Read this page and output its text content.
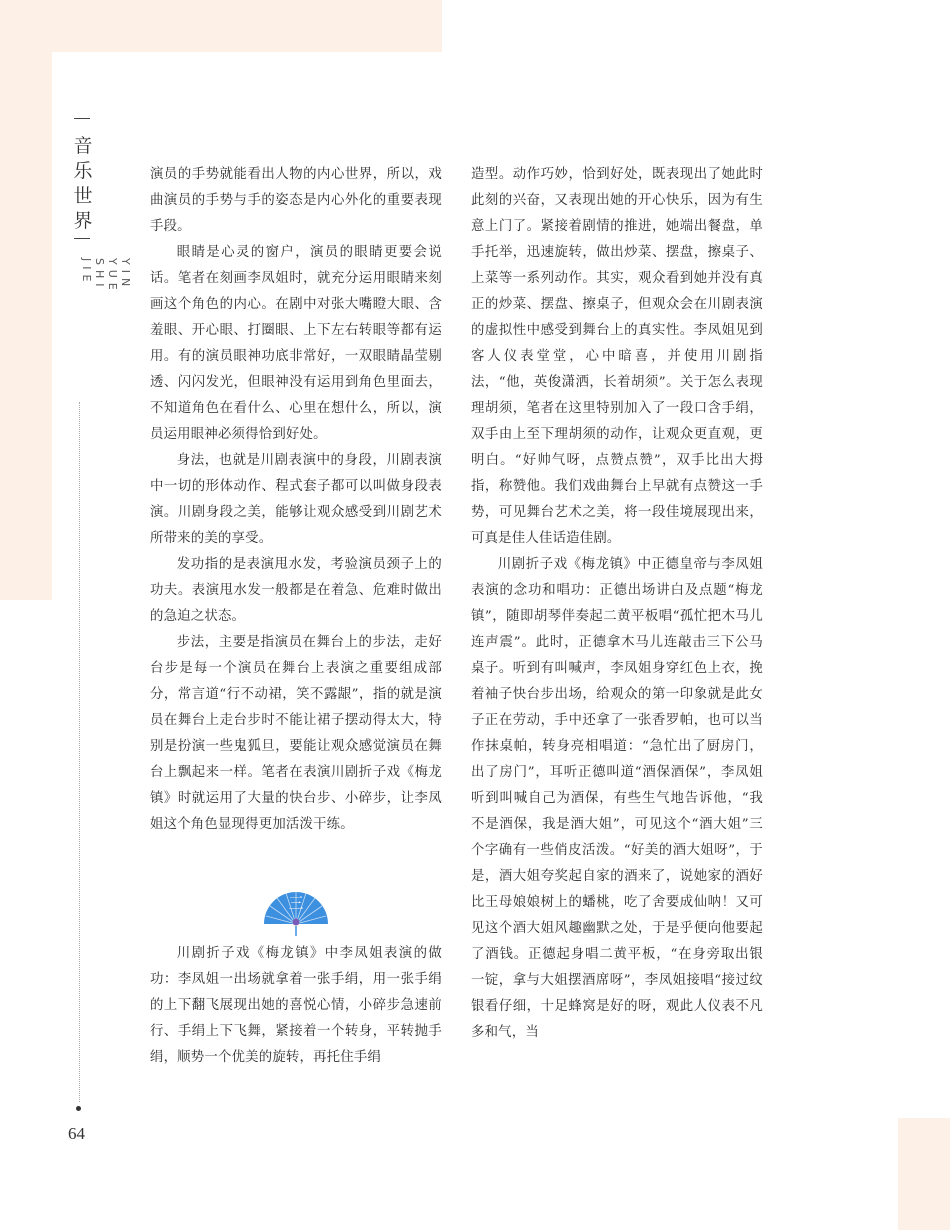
音
乐
世
界
YIN YUE SHI JIE
64

演员的手势就能看出人物的内心世界，所以，戏曲演员的手势与手的姿态是内心外化的重要表现手段。

眼睛是心灵的窗户，演员的眼睛更要会说话。笔者在刻画李凤姐时，就充分运用眼睛来刻画这个角色的内心。在剧中对张大嘴瞪大眼、含羞眼、开心眼、打圈眼、上下左右转眼等都有运用。有的演员眼神功底非常好，一双眼睛晶莹剔透、闪闪发光，但眼神没有运用到角色里面去，不知道角色在看什么、心里在想什么，所以，演员运用眼神必须得恰到好处。

身法，也就是川剧表演中的身段，川剧表演中一切的形体动作、程式套子都可以叫做身段表演。川剧身段之美，能够让观众感受到川剧艺术所带来的美的享受。

发功指的是表演甩水发，考验演员颈子上的功夫。表演甩水发一般都是在着急、危难时做出的急迫之状态。

步法，主要是指演员在舞台上的步法，走好台步是每一个演员在舞台上表演之重要组成部分，常言道“行不动裙，笑不露龈”，指的就是演员在舞台上走台步时不能让裙子摆动得太大，特别是扮演一些鬼狐旦，要能让观众感觉演员在舞台上飘起来一样。笔者在表演川剧折子戏《梅龙镇》时就运用了大量的快台步、小碎步，让李凤姐这个角色显现得更加活泼干练。

三

川剧折子戏《梅龙镇》中李凤姐表演的做功：李凤姐一出场就拿着一张手绢，用一张手绢的上下翻飞展现出她的喜悦心情，小碎步急速前行、手绢上下飞舞，紧接着一个转身，平转抛手绢，顺势一个优美的旋转，再托住手绢

造型。动作巧妙，恰到好处，既表现出了她此时此刻的兴奋，又表现出她的开心快乐，因为有生意上门了。紧接着剧情的推进，她端出餐盘，单手托举，迅速旋转，做出炒菜、摆盘，擦桌子、上菜等一系列动作。其实，观众看到她并没有真正的炒菜、摆盘、擦桌子，但观众会在川剧表演的虚拟性中感受到舞台上的真实性。李凤姐见到客人仪表堂堂，心中暗喜，并使用川剧指法，“他，英俊潇洒，长着胡须”。关于怎么表现理胡须，笔者在这里特别加入了一段口含手绢，双手由上至下理胡须的动作，让观众更直观，更明白。“好帅气呀，点赞点赞”，双手比出大拇指，称赞他。我们戏曲舞台上早就有点赞这一手势，可见舞台艺术之美，将一段佳境展现出来，可真是佳人佳话造佳剧。

川剧折子戏《梅龙镇》中正德皇帝与李凤姐表演的念功和唱功：正德出场讲白及点题“梅龙镇”，随即胡琴伴奏起二黄平板唱“孤忙把木马儿连声震”。此时，正德拿木马儿连敲击三下公马桌子。听到有叫喊声，李凤姐身穿红色上衣，挽着袖子快台步出场，给观众的第一印象就是此女子正在劳动，手中还拿了一张香罗帕，也可以当作抹桌帕，转身亮相唱道：“急忙出了厨房门，出了房门”，耳听正德叫道“酒保酒保”，李凤姐听到叫喊自己为酒保，有些生气地告诉他，“我不是酒保，我是酒大姐”，可见这个“酒大姐”三个字确有一些俏皮活泼。“好美的酒大姐呀”，于是，酒大姐夸奖起自家的酒来了，说她家的酒好比王母娘娘树上的蟠桃，吃了舍要成仙呐！又可见这个酒大姐风趣幽默之处，于是乎便向他要起了酒钱。正德起身唱二黄平板，“在身旁取出银一锭，拿与大姐摆酒席呀”，李凤姐接唱“接过纹银看仔细，十足蜂窝是好的呀，观此人仪表不凡多和气，当
